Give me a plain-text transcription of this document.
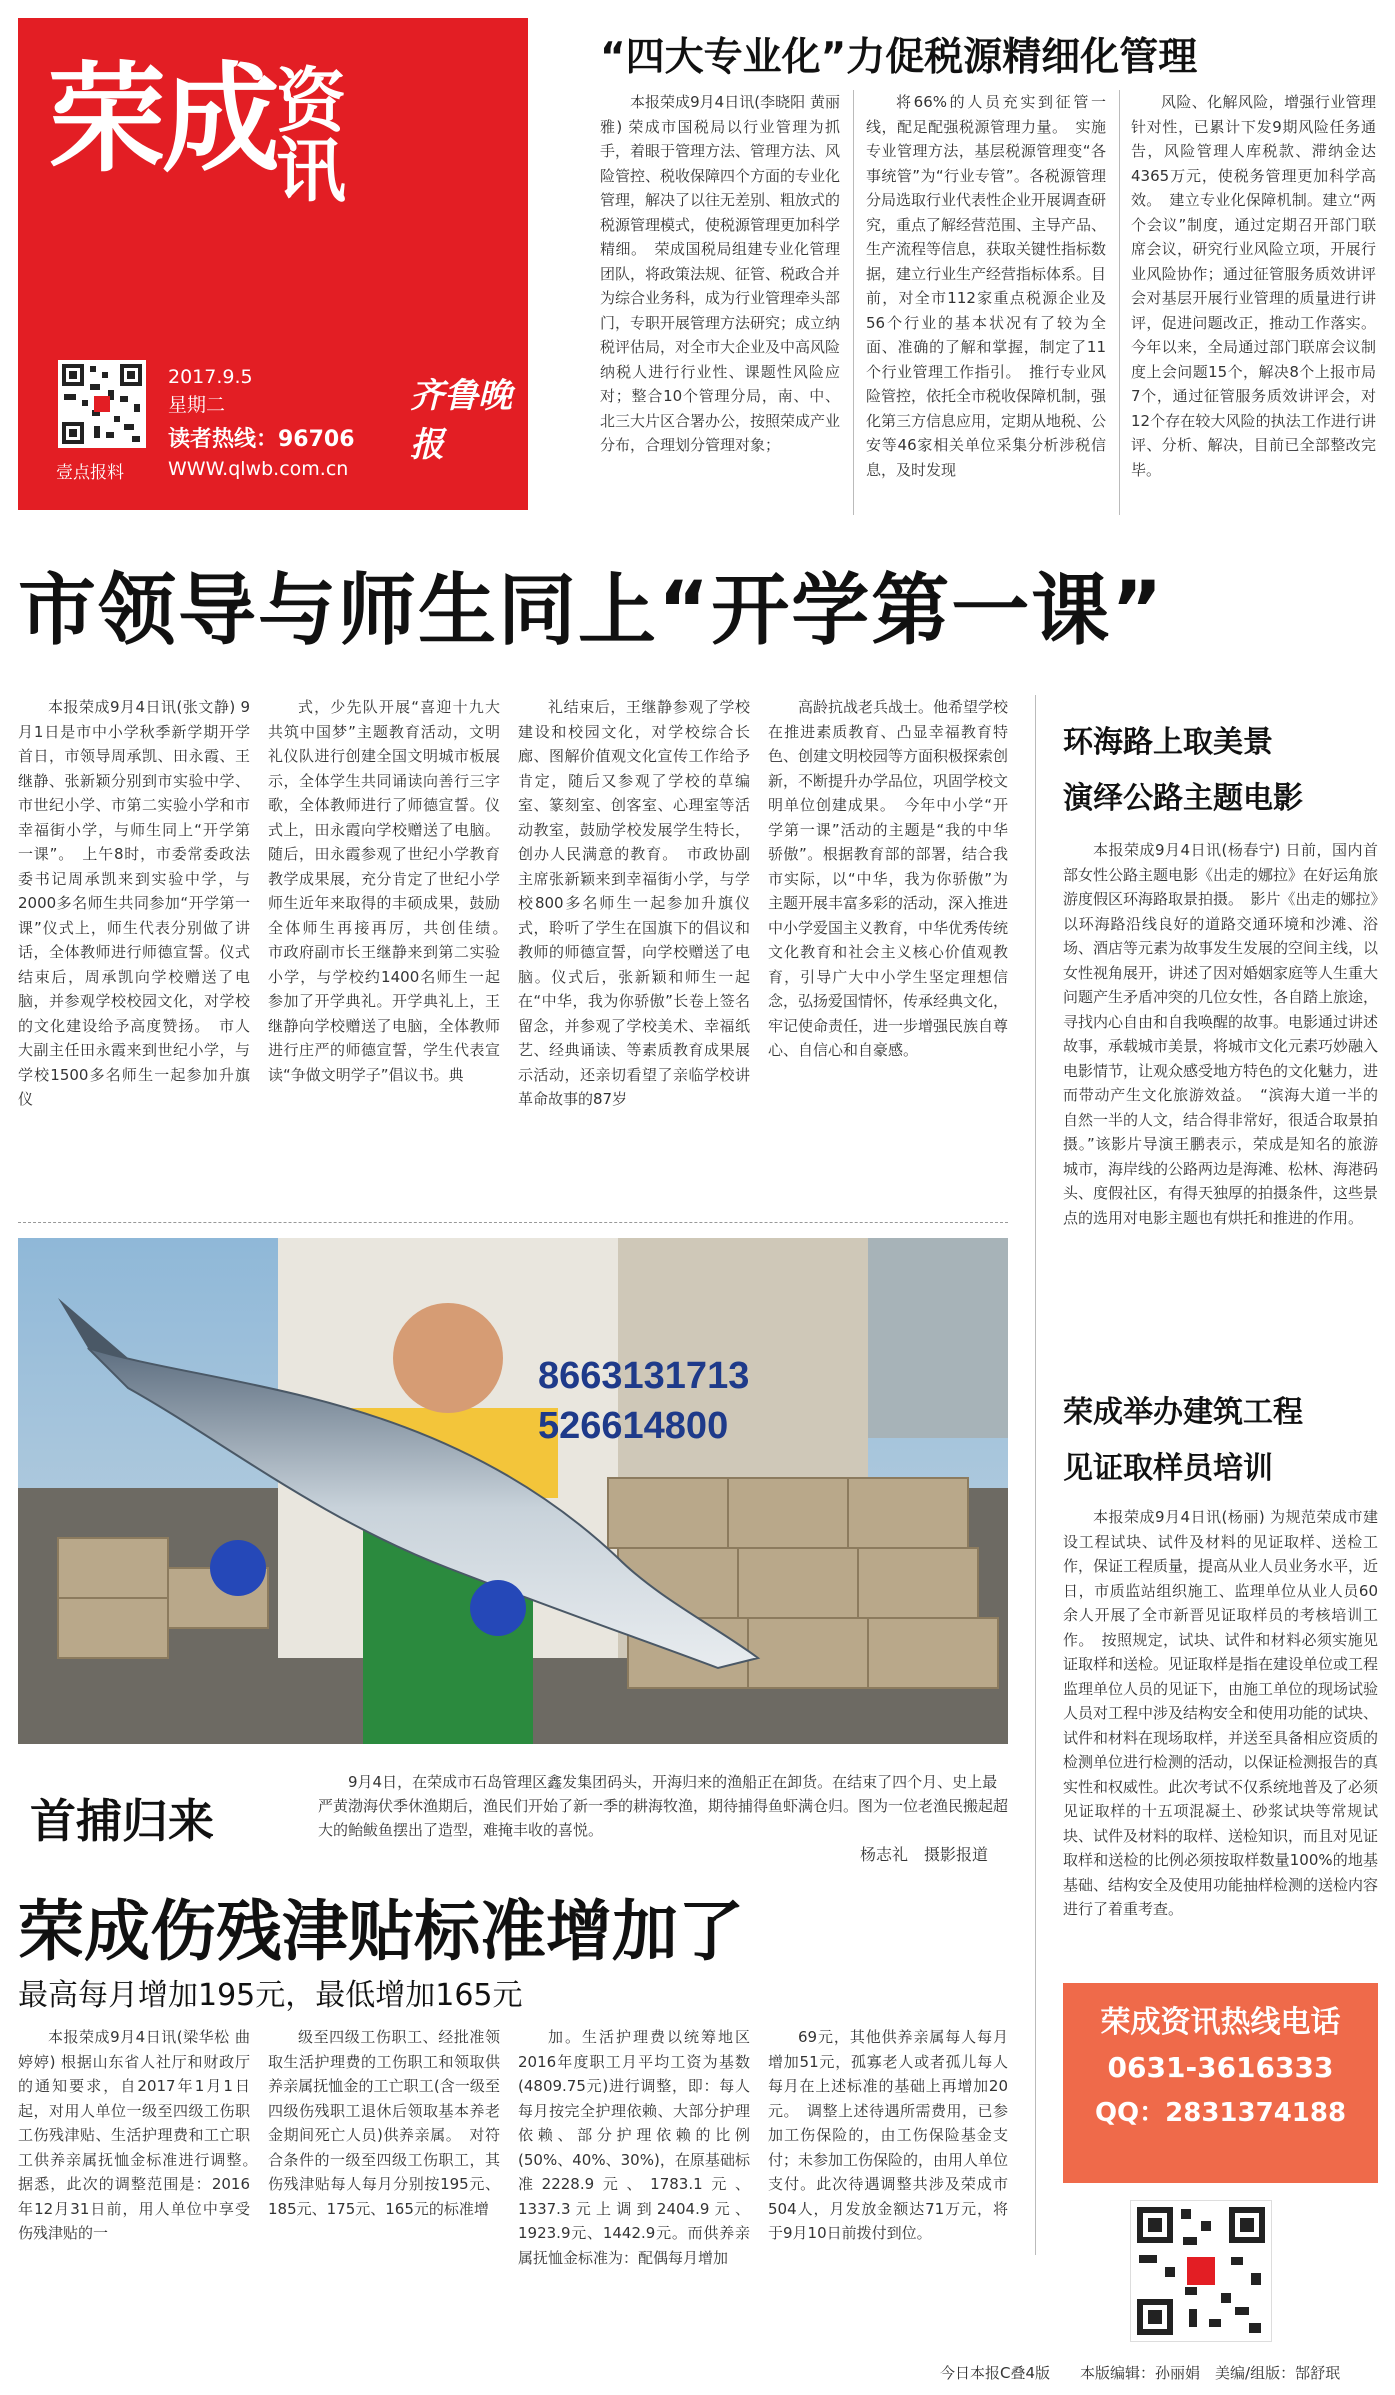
荣成资讯
壹点报料
2017.9.5
星期二	齐鲁晚报
读者热线：96706
WWW.qlwb.com.cn
“四大专业化”力促税源精细化管理

本报荣成9月4日讯(李晓阳 黄丽雅) 荣成市国税局以行业管理为抓手，着眼于管理方法、管理方法、风险管控、税收保障四个方面的专业化管理，解决了以往无差别、粗放式的税源管理模式，使税源管理更加科学精细。　荣成国税局组建专业化管理团队，将政策法规、征管、税政合并为综合业务科，成为行业管理牵头部门，专职开展管理方法研究；成立纳税评估局，对全市大企业及中高风险纳税人进行行业性、课题性风险应对；整合10个管理分局，南、中、北三大片区合署办公，按照荣成产业分布，合理划分管理对象；

将66%的人员充实到征管一线，配足配强税源管理力量。　实施专业管理方法，基层税源管理变“各事统管”为“行业专管”。各税源管理分局选取行业代表性企业开展调查研究，重点了解经营范围、主导产品、生产流程等信息，获取关键性指标数据，建立行业生产经营指标体系。目前，对全市112家重点税源企业及56个行业的基本状况有了较为全面、准确的了解和掌握，制定了11个行业管理工作指引。　推行专业风险管控，依托全市税收保障机制，强化第三方信息应用，定期从地税、公安等46家相关单位采集分析涉税信息，及时发现

风险、化解风险，增强行业管理针对性，已累计下发9期风险任务通告，风险管理人库税款、滞纳金达4365万元，使税务管理更加科学高效。　建立专业化保障机制。建立“两个会议”制度，通过定期召开部门联席会议，研究行业风险立项，开展行业风险协作；通过征管服务质效讲评会对基层开展行业管理的质量进行讲评，促进问题改正，推动工作落实。今年以来，全局通过部门联席会议制度上会问题15个，解决8个上报市局7个，通过征管服务质效讲评会，对12个存在较大风险的执法工作进行讲评、分析、解决，目前已全部整改完毕。

市领导与师生同上“开学第一课”

本报荣成9月4日讯(张文静) 9月1日是市中小学秋季新学期开学首日，市领导周承凯、田永霞、王继静、张新颖分别到市实验中学、市世纪小学、市第二实验小学和市幸福街小学，与师生同上“开学第一课”。　上午8时，市委常委政法委书记周承凯来到实验中学，与2000多名师生共同参加“开学第一课”仪式上，师生代表分别做了讲话，全体教师进行师德宣誓。仪式结束后，周承凯向学校赠送了电脑，并参观学校校园文化，对学校的文化建设给予高度赞扬。　市人大副主任田永霞来到世纪小学，与学校1500多名师生一起参加升旗仪

式，少先队开展“喜迎十九大 共筑中国梦”主题教育活动，文明礼仪队进行创建全国文明城市板展示，全体学生共同诵读向善行三字歌，全体教师进行了师德宣誓。仪式上，田永霞向学校赠送了电脑。随后，田永霞参观了世纪小学教育教学成果展，充分肯定了世纪小学师生近年来取得的丰硕成果，鼓励全体师生再接再厉，共创佳绩。　市政府副市长王继静来到第二实验小学，与学校约1400名师生一起参加了开学典礼。开学典礼上，王继静向学校赠送了电脑，全体教师进行庄严的师德宣誓，学生代表宣读“争做文明学子”倡议书。典

礼结束后，王继静参观了学校建设和校园文化，对学校综合长廊、图解价值观文化宣传工作给予肯定，随后又参观了学校的草编室、篆刻室、创客室、心理室等活动教室，鼓励学校发展学生特长，创办人民满意的教育。　市政协副主席张新颖来到幸福街小学，与学校800多名师生一起参加升旗仪式，聆听了学生在国旗下的倡议和教师的师德宣誓，向学校赠送了电脑。仪式后，张新颖和师生一起在“中华，我为你骄傲”长卷上签名留念，并参观了学校美术、幸福纸艺、经典诵读、等素质教育成果展示活动，还亲切看望了亲临学校讲革命故事的87岁

高龄抗战老兵战士。他希望学校在推进素质教育、凸显幸福教育特色、创建文明校园等方面积极探索创新，不断提升办学品位，巩固学校文明单位创建成果。　今年中小学“开学第一课”活动的主题是“我的中华骄傲”。根据教育部的部署，结合我市实际，以“中华，我为你骄傲”为主题开展丰富多彩的活动，深入推进中小学爱国主义教育，中华优秀传统文化教育和社会主义核心价值观教育，引导广大中小学生坚定理想信念，弘扬爱国情怀，传承经典文化，牢记使命责任，进一步增强民族自尊心、自信心和自豪感。

环海路上取美景
演绎公路主题电影

本报荣成9月4日讯(杨春宁) 日前，国内首部女性公路主题电影《出走的娜拉》在好运角旅游度假区环海路取景拍摄。　影片《出走的娜拉》以环海路沿线良好的道路交通环境和沙滩、浴场、酒店等元素为故事发生发展的空间主线，以女性视角展开，讲述了因对婚姻家庭等人生重大问题产生矛盾冲突的几位女性，各自踏上旅途，寻找内心自由和自我唤醒的故事。电影通过讲述故事，承载城市美景，将城市文化元素巧妙融入电影情节，让观众感受地方特色的文化魅力，进而带动产生文化旅游效益。　“滨海大道一半的自然一半的人文，结合得非常好，很适合取景拍摄。”该影片导演王鹏表示，荣成是知名的旅游城市，海岸线的公路两边是海滩、松林、海港码头、度假社区，有得天独厚的拍摄条件，这些景点的选用对电影主题也有烘托和推进的作用。

荣成举办建筑工程
见证取样员培训

本报荣成9月4日讯(杨丽) 为规范荣成市建设工程试块、试件及材料的见证取样、送检工作，保证工程质量，提高从业人员业务水平，近日，市质监站组织施工、监理单位从业人员60余人开展了全市新晋见证取样员的考核培训工作。　按照规定，试块、试件和材料必须实施见证取样和送检。见证取样是指在建设单位或工程监理单位人员的见证下，由施工单位的现场试验人员对工程中涉及结构安全和使用功能的试块、试件和材料在现场取样，并送至具备相应资质的检测单位进行检测的活动，以保证检测报告的真实性和权威性。此次考试不仅系统地普及了必须见证取样的十五项混凝土、砂浆试块等常规试块、试件及材料的取样、送检知识，而且对见证取样和送检的比例必须按取样数量100%的地基基础、结构安全及使用功能抽样检测的送检内容进行了着重考查。

8663131713
526614800
首捕归来
9月4日，在荣成市石岛管理区鑫发集团码头，开海归来的渔船正在卸货。在结束了四个月、史上最严黄渤海伏季休渔期后，渔民们开始了新一季的耕海牧渔，期待捕得鱼虾满仓归。图为一位老渔民搬起超大的鲐鲅鱼摆出了造型，难掩丰收的喜悦。
杨志礼　摄影报道
荣成伤残津贴标准增加了
最高每月增加195元，最低增加165元

本报荣成9月4日讯(梁华松 曲婷婷) 根据山东省人社厅和财政厅的通知要求，自2017年1月1日起，对用人单位一级至四级工伤职工伤残津贴、生活护理费和工亡职工供养亲属抚恤金标准进行调整。　据悉，此次的调整范围是：2016年12月31日前，用人单位中享受伤残津贴的一

级至四级工伤职工、经批准领取生活护理费的工伤职工和领取供养亲属抚恤金的工亡职工(含一级至四级伤残职工退休后领取基本养老金期间死亡人员)供养亲属。　对符合条件的一级至四级工伤职工，其伤残津贴每人每月分别按195元、185元、175元、165元的标准增

加。生活护理费以统筹地区2016年度职工月平均工资为基数(4809.75元)进行调整，即：每人每月按完全护理依赖、大部分护理依赖、部分护理依赖的比例(50%、40%、30%)，在原基础标准2228.9元、1783.1元、1337.3元上调到2404.9元、1923.9元、1442.9元。而供养亲属抚恤金标准为：配偶每月增加

69元，其他供养亲属每人每月增加51元，孤寡老人或者孤儿每人每月在上述标准的基础上再增加20元。　调整上述待遇所需费用，已参加工伤保险的，由工伤保险基金支付；未参加工伤保险的，由用人单位支付。此次待遇调整共涉及荣成市504人，月发放金额达71万元，将于9月10日前拨付到位。

荣成资讯热线电话
0631-3616333
QQ：2831374188
今日本报C叠4版　　本版编辑：孙丽娟　美编/组版：郜舒珉
